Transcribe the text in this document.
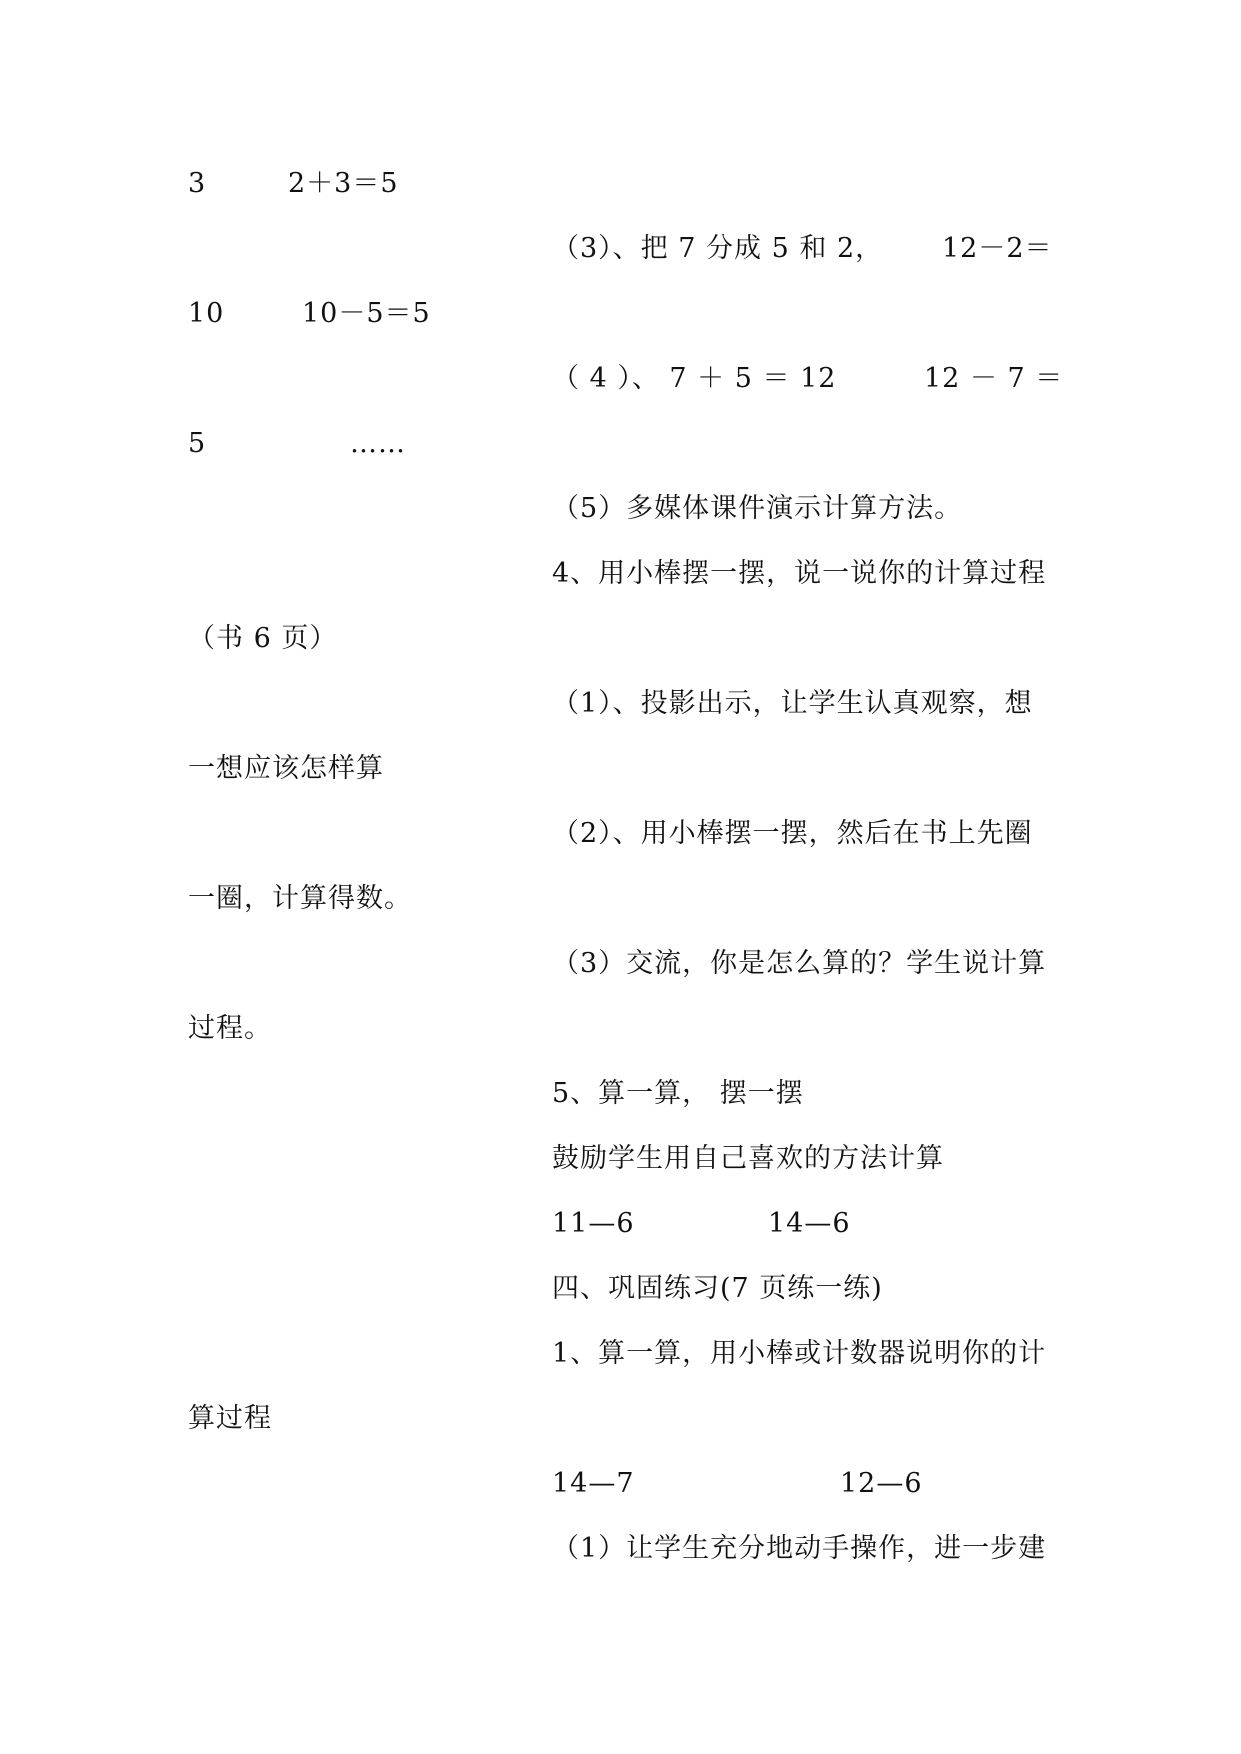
3	2＋3＝5
（3）、把 7 分成 5 和 2， 12－2＝
10	10－5＝5
（ 4 ）、 7 ＋ 5 ＝ 12	12 － 7 ＝
5	……
（5）多媒体课件演示计算方法。
4、用小棒摆一摆，说一说你的计算过程
（书 6 页）
（1）、投影出示，让学生认真观察，想
一想应该怎样算
（2）、用小棒摆一摆，然后在书上先圈
一圈，计算得数。
（3）交流，你是怎么算的？学生说计算
过程。
5、算一算， 摆一摆
鼓励学生用自己喜欢的方法计算
11—6	14—6
四、巩固练习(7 页练一练)
1、算一算，用小棒或计数器说明你的计
算过程
14—7	12—6
（1）让学生充分地动手操作，进一步建
